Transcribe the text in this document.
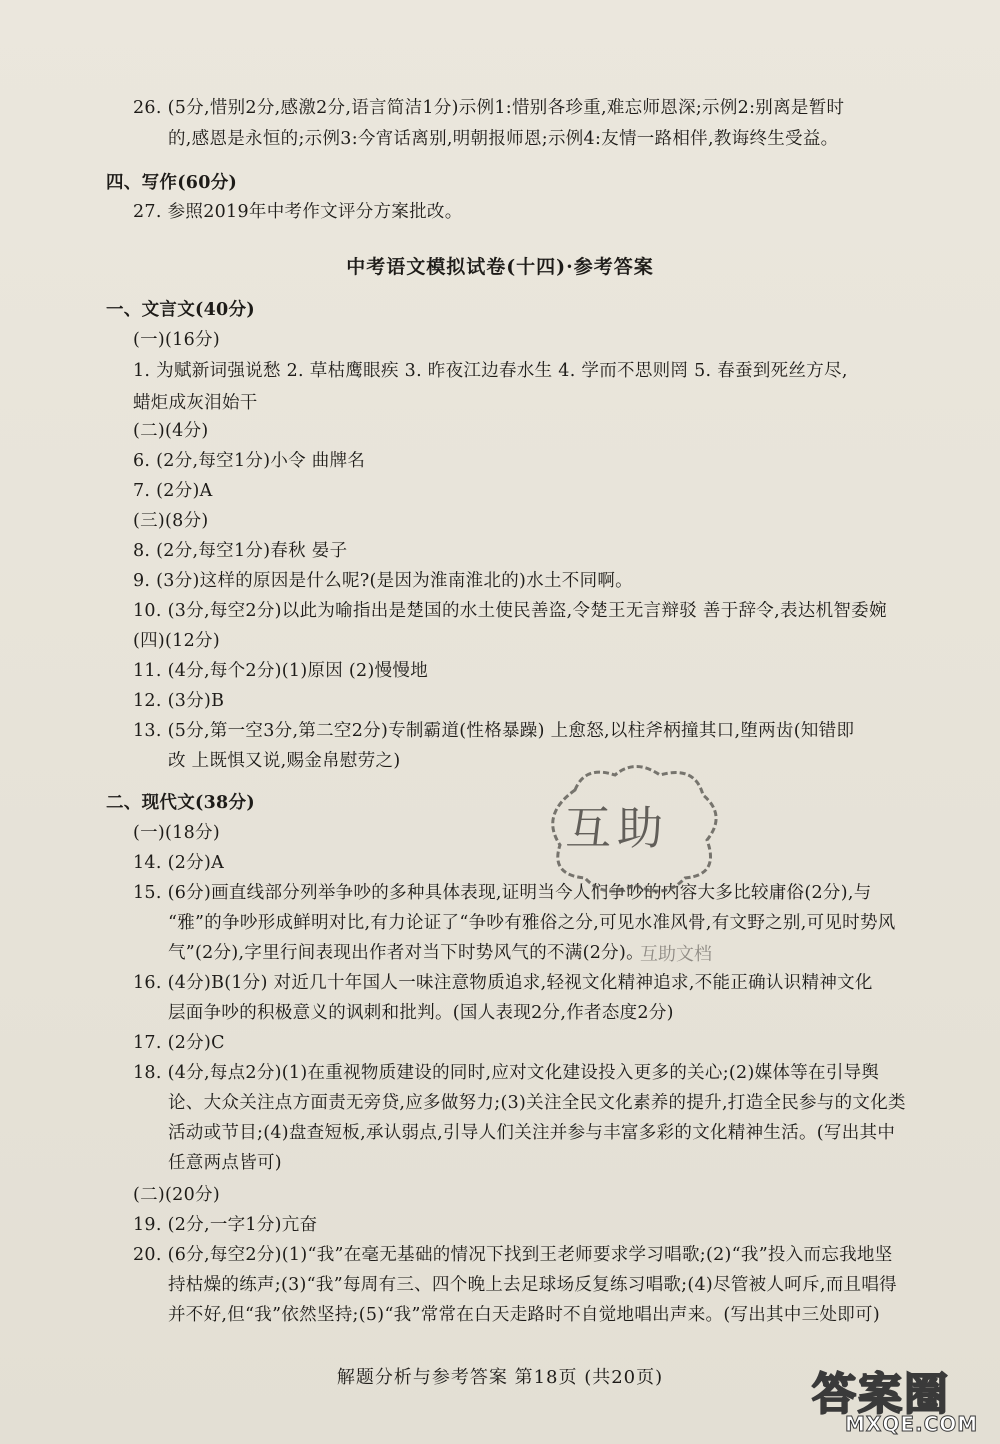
26. (5分,惜别2分,感激2分,语言简洁1分)示例1:惜别各珍重,难忘师恩深;示例2:别离是暂时
的,感恩是永恒的;示例3:今宵话离别,明朝报师恩;示例4:友情一路相伴,教诲终生受益。
四、写作(60分)
27. 参照2019年中考作文评分方案批改。
一、文言文(40分)
(一)(16分)
1. 为赋新词强说愁 2. 草枯鹰眼疾 3. 昨夜江边春水生 4. 学而不思则罔 5. 春蚕到死丝方尽,
蜡炬成灰泪始干
(二)(4分)
6. (2分,每空1分)小令 曲牌名
7. (2分)A
(三)(8分)
8. (2分,每空1分)春秋 晏子
9. (3分)这样的原因是什么呢?(是因为淮南淮北的)水土不同啊。
10. (3分,每空2分)以此为喻指出是楚国的水土使民善盗,令楚王无言辩驳 善于辞令,表达机智委婉
(四)(12分)
11. (4分,每个2分)(1)原因 (2)慢慢地
12. (3分)B
13. (5分,第一空3分,第二空2分)专制霸道(性格暴躁) 上愈怒,以柱斧柄撞其口,堕两齿(知错即
改 上既惧又说,赐金帛慰劳之)
二、现代文(38分)
(一)(18分)
14. (2分)A
15. (6分)画直线部分列举争吵的多种具体表现,证明当今人们争吵的内容大多比较庸俗(2分),与
“雅”的争吵形成鲜明对比,有力论证了“争吵有雅俗之分,可见水准风骨,有文野之别,可见时势风
气”(2分),字里行间表现出作者对当下时势风气的不满(2分)。
16. (4分)B(1分) 对近几十年国人一味注意物质追求,轻视文化精神追求,不能正确认识精神文化
层面争吵的积极意义的讽刺和批判。(国人表现2分,作者态度2分)
17. (2分)C
18. (4分,每点2分)(1)在重视物质建设的同时,应对文化建设投入更多的关心;(2)媒体等在引导舆
论、大众关注点方面责无旁贷,应多做努力;(3)关注全民文化素养的提升,打造全民参与的文化类
活动或节目;(4)盘查短板,承认弱点,引导人们关注并参与丰富多彩的文化精神生活。(写出其中
任意两点皆可)
(二)(20分)
19. (2分,一字1分)亢奋
20. (6分,每空2分)(1)“我”在毫无基础的情况下找到王老师要求学习唱歌;(2)“我”投入而忘我地坚
持枯燥的练声;(3)“我”每周有三、四个晚上去足球场反复练习唱歌;(4)尽管被人呵斥,而且唱得
并不好,但“我”依然坚持;(5)“我”常常在白天走路时不自觉地唱出声来。(写出其中三处即可)
中考语文模拟试卷(十四)·参考答案
解题分析与参考答案 第18页 (共20页)
互助
互助文档
答案圈
MXQE.COM
